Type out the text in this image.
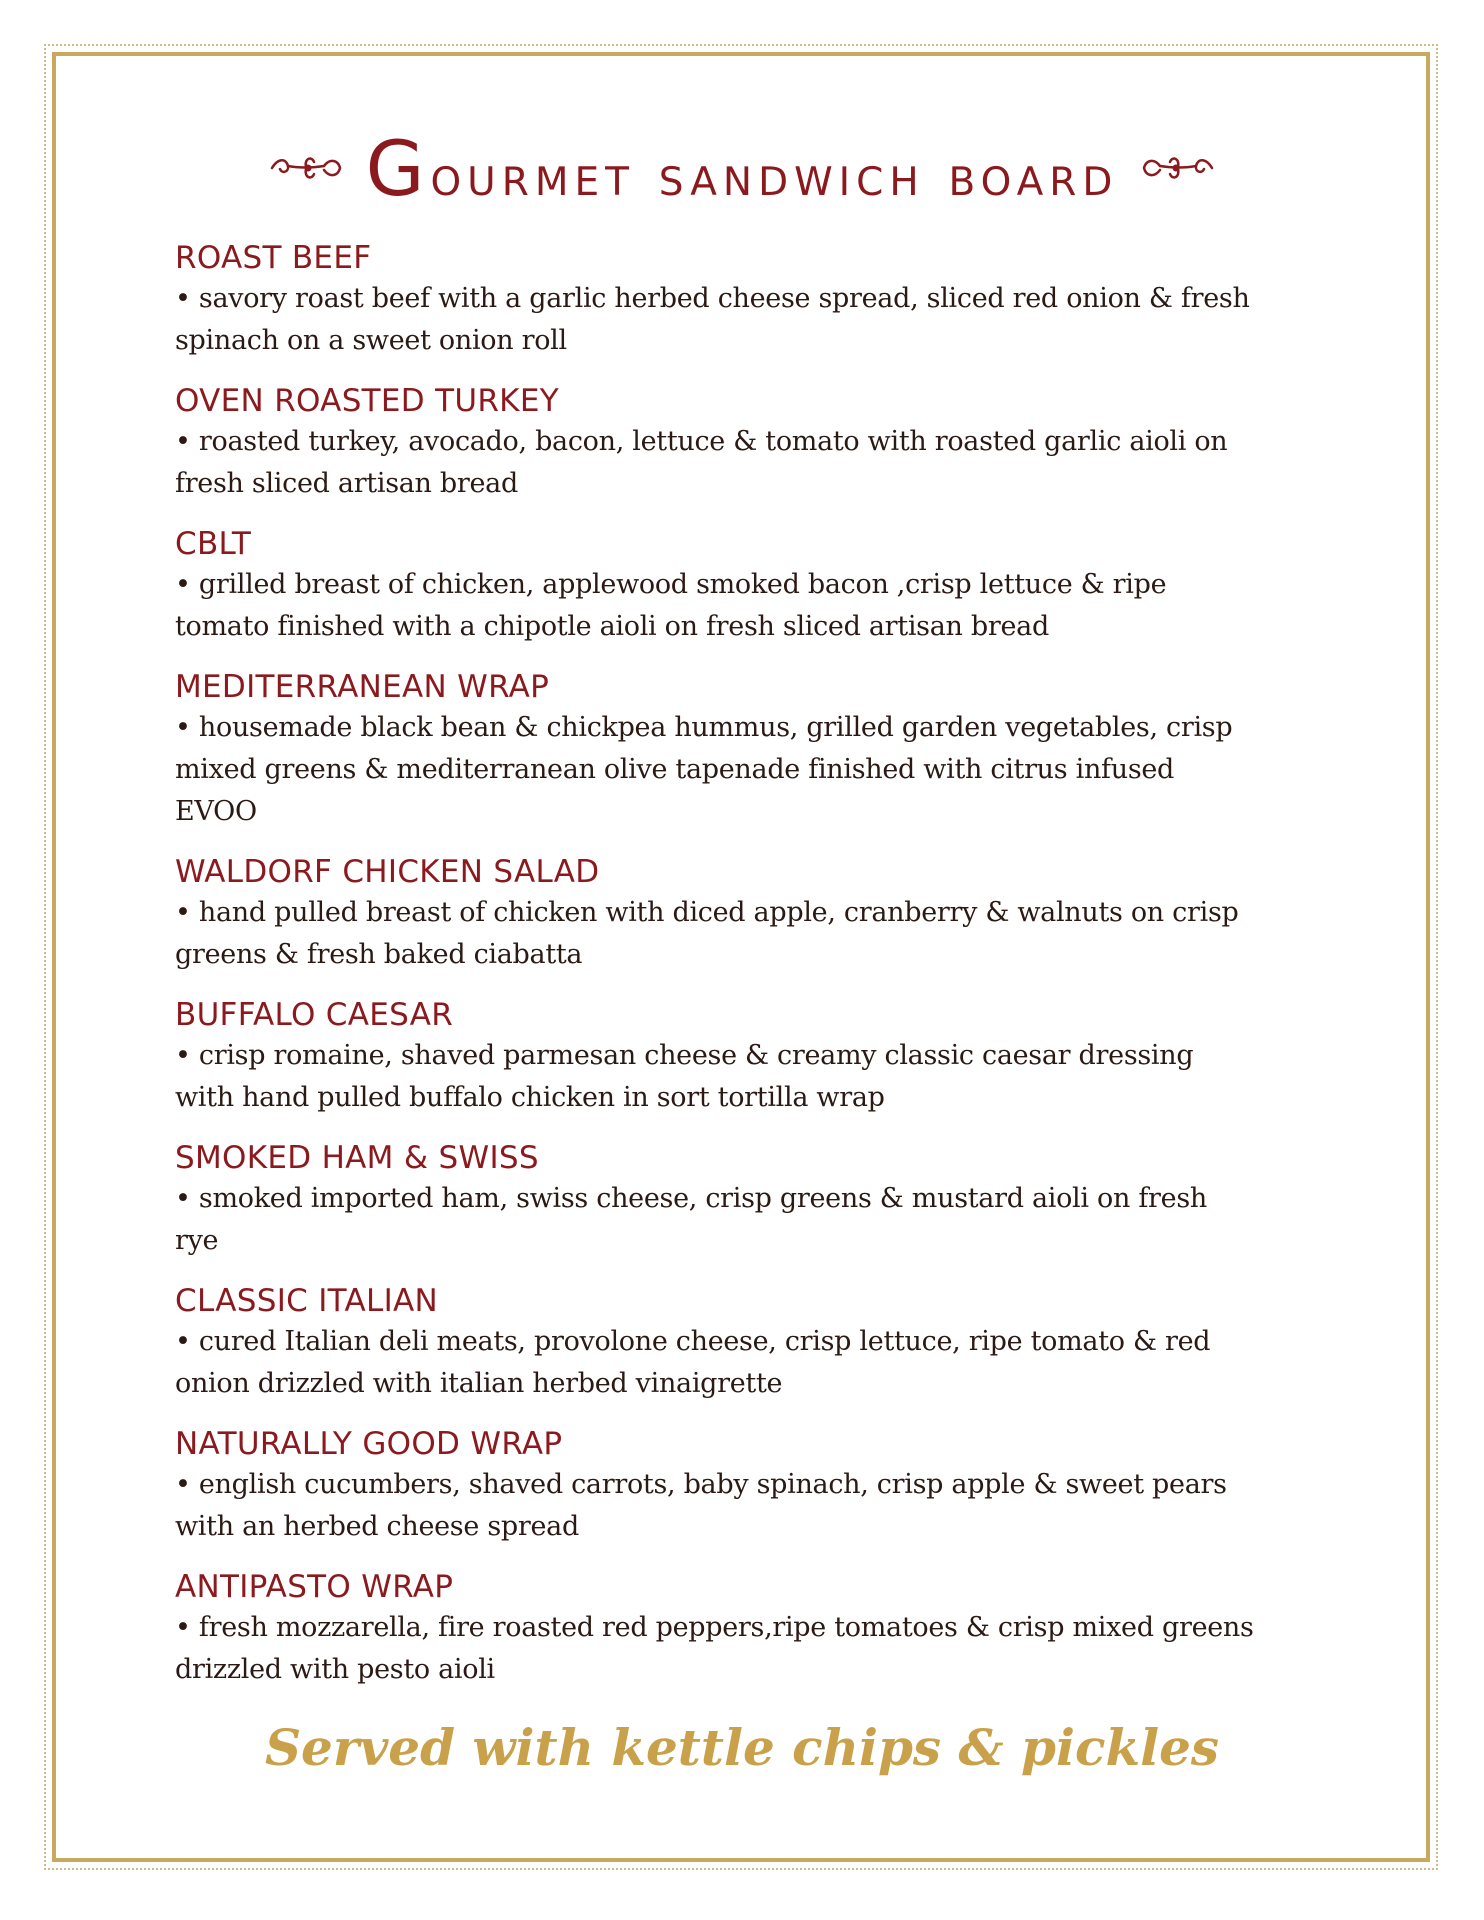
Gourmet sandwich board
ROAST BEEF
• savory roast beef with a garlic herbed cheese spread, sliced red onion & fresh spinach on a sweet onion roll
OVEN ROASTED TURKEY
• roasted turkey, avocado, bacon, lettuce & tomato with roasted garlic aioli on fresh sliced artisan bread
CBLT
• grilled breast of chicken, applewood smoked bacon ,crisp lettuce & ripe tomato finished with a chipotle aioli on fresh sliced artisan bread
MEDITERRANEAN WRAP
• housemade black bean & chickpea hummus, grilled garden vegetables, crisp mixed greens & mediterranean olive tapenade finished with citrus infused EVOO
WALDORF CHICKEN SALAD
• hand pulled breast of chicken with diced apple, cranberry & walnuts on crisp greens & fresh baked ciabatta
BUFFALO CAESAR
• crisp romaine, shaved parmesan cheese & creamy classic caesar dressing with hand pulled buffalo chicken in sort tortilla wrap
SMOKED HAM & SWISS
• smoked imported ham, swiss cheese, crisp greens & mustard aioli on fresh rye
CLASSIC ITALIAN
• cured Italian deli meats, provolone cheese, crisp lettuce, ripe tomato & red onion drizzled with italian herbed vinaigrette
NATURALLY GOOD WRAP
• english cucumbers, shaved carrots, baby spinach, crisp apple & sweet pears with an herbed cheese spread
ANTIPASTO WRAP
• fresh mozzarella, fire roasted red peppers,ripe tomatoes & crisp mixed greens drizzled with pesto aioli
Served with kettle chips & pickles
